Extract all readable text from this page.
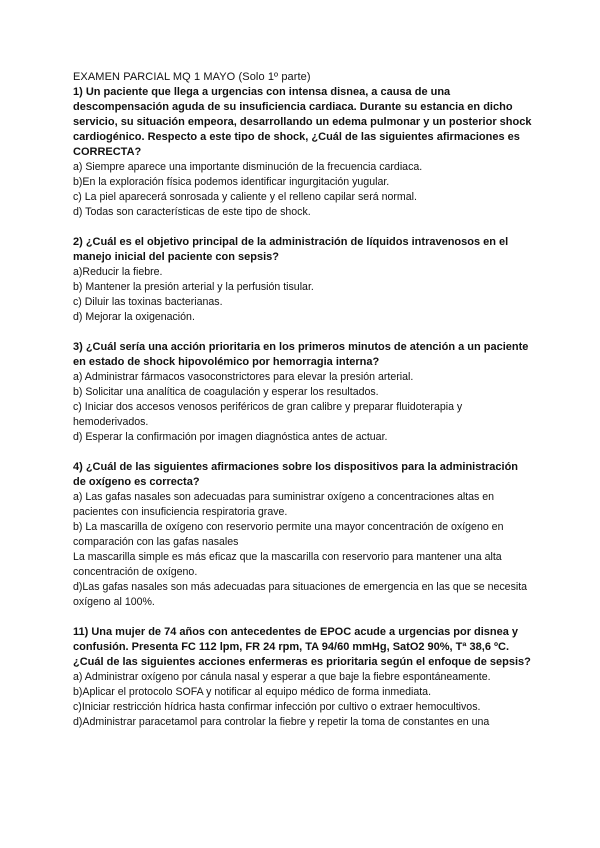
EXAMEN PARCIAL MQ 1 MAYO (Solo 1º parte)
1) Un paciente que llega a urgencias con intensa disnea, a causa de una descompensación aguda de su insuficiencia cardiaca. Durante su estancia en dicho servicio, su situación empeora, desarrollando un edema pulmonar y un posterior shock cardiogénico. Respecto a este tipo de shock, ¿Cuál de las siguientes afirmaciones es CORRECTA?
a) Siempre aparece una importante disminución de la frecuencia cardiaca.
b)En la exploración física podemos identificar ingurgitación yugular.
c) La piel aparecerá sonrosada y caliente y el relleno capilar será normal.
d) Todas son características de este tipo de shock.
2) ¿Cuál es el objetivo principal de la administración de líquidos intravenosos en el manejo inicial del paciente con sepsis?
a)Reducir la fiebre.
b) Mantener la presión arterial y la perfusión tisular.
c) Diluir las toxinas bacterianas.
d) Mejorar la oxigenación.
3) ¿Cuál sería una acción prioritaria en los primeros minutos de atención a un paciente en estado de shock hipovolémico por hemorragia interna?
a) Administrar fármacos vasoconstrictores para elevar la presión arterial.
b) Solicitar una analítica de coagulación y esperar los resultados.
c) Iniciar dos accesos venosos periféricos de gran calibre y preparar fluidoterapia y hemoderivados.
d) Esperar la confirmación por imagen diagnóstica antes de actuar.
4) ¿Cuál de las siguientes afirmaciones sobre los dispositivos para la administración de oxígeno es correcta?
a) Las gafas nasales son adecuadas para suministrar oxígeno a concentraciones altas en pacientes con insuficiencia respiratoria grave.
b) La mascarilla de oxígeno con reservorio permite una mayor concentración de oxígeno en comparación con las gafas nasales
La mascarilla simple es más eficaz que la mascarilla con reservorio para mantener una alta concentración de oxígeno.
d)Las gafas nasales son más adecuadas para situaciones de emergencia en las que se necesita oxígeno al 100%.
11) Una mujer de 74 años con antecedentes de EPOC acude a urgencias por disnea y confusión. Presenta FC 112 lpm, FR 24 rpm, TA 94/60 mmHg, SatO2 90%, Tª 38,6 ºC. ¿Cuál de las siguientes acciones enfermeras es prioritaria según el enfoque de sepsis?
a) Administrar oxígeno por cánula nasal y esperar a que baje la fiebre espontáneamente.
b)Aplicar el protocolo SOFA y notificar al equipo médico de forma inmediata.
c)Iniciar restricción hídrica hasta confirmar infección por cultivo o extraer hemocultivos.
d)Administrar paracetamol para controlar la fiebre y repetir la toma de constantes en una
